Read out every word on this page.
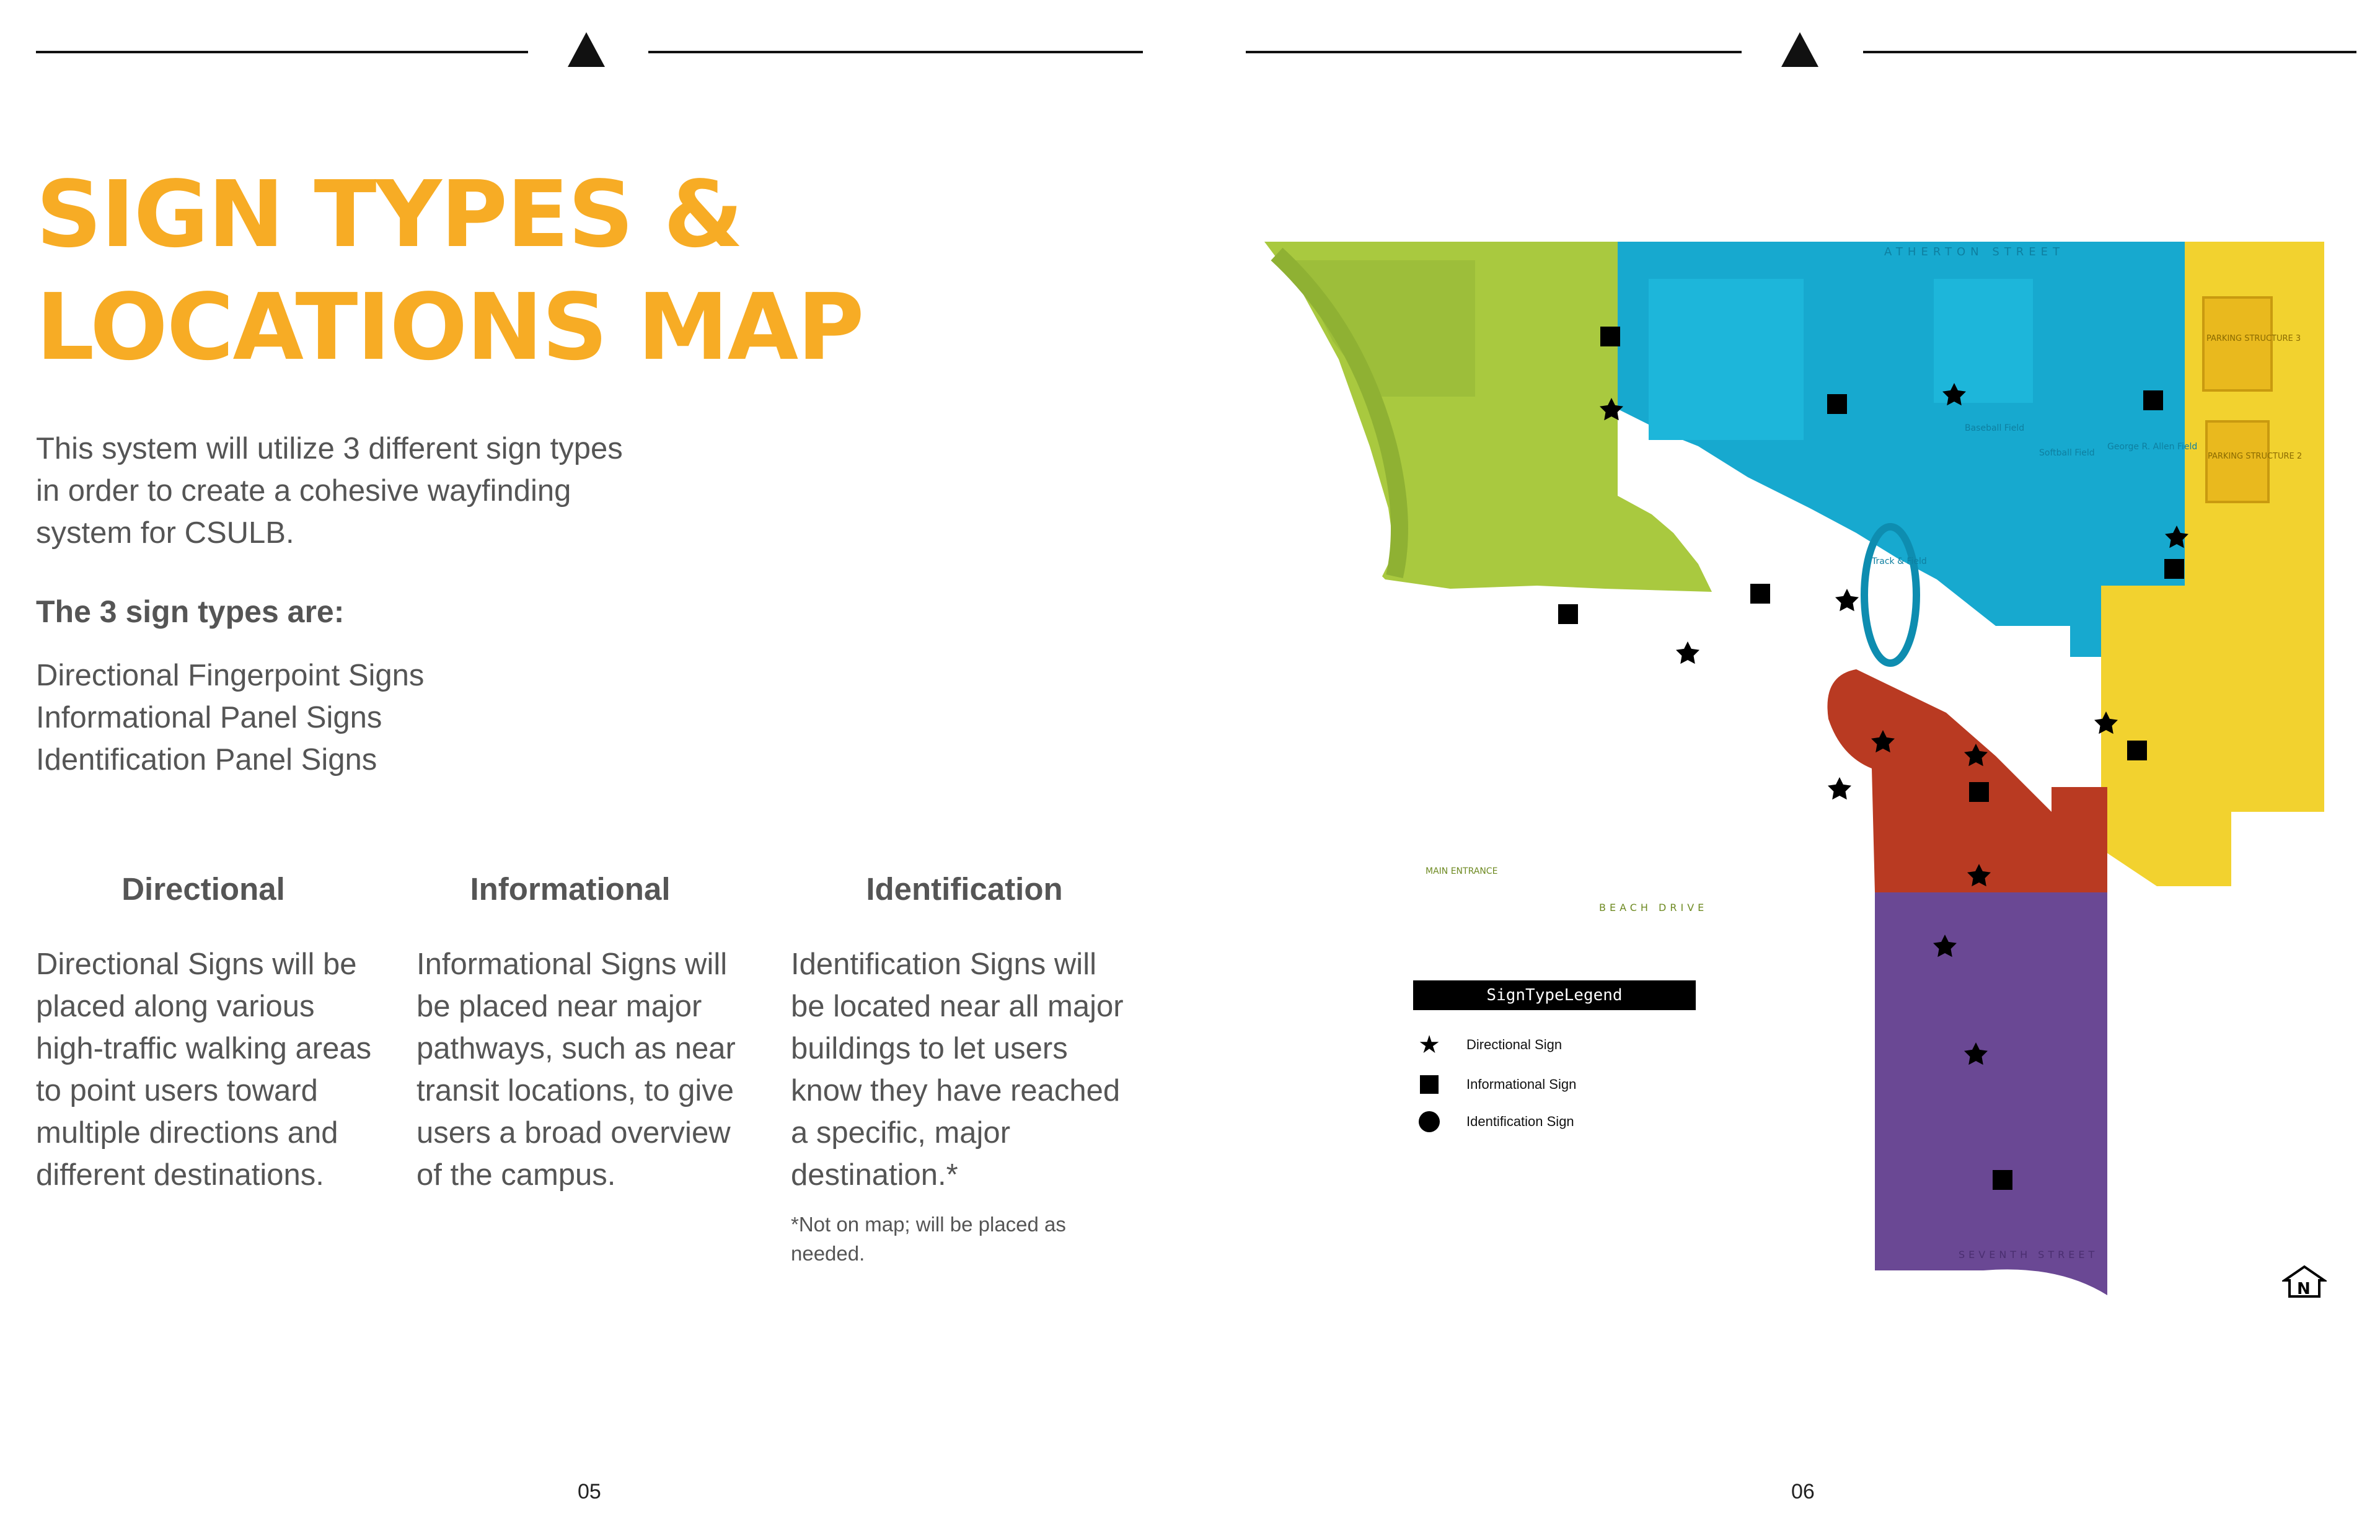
SIGN TYPES &
LOCATIONS MAP
This system will utilize 3 different sign types
in order to create a cohesive wayfinding
system for CSULB.
The 3 sign types are:
Directional Fingerpoint Signs
Informational Panel Signs
Identification Panel Signs
Directional	Informational	Identification
Directional Signs will be
placed along various
high-traffic walking areas
to point users toward
multiple directions and
different destinations.
Informational Signs will
be placed near major
pathways, such as near
transit locations, to give
users a broad overview
of the campus.
Identification Signs will
be located near all major
buildings to let users
know they have reached
a specific, major
destination.*
*Not on map; will be placed as
needed.
05	06
ATHERTON STREET
BEACH DRIVE
SEVENTH STREET
MAIN ENTRANCE
PARKING STRUCTURE 3
PARKING STRUCTURE 2
Baseball Field
Softball Field
George R. Allen Field
Track & Field
SignTypeLegend
★ Directional Sign
Informational Sign
Identification Sign
N
